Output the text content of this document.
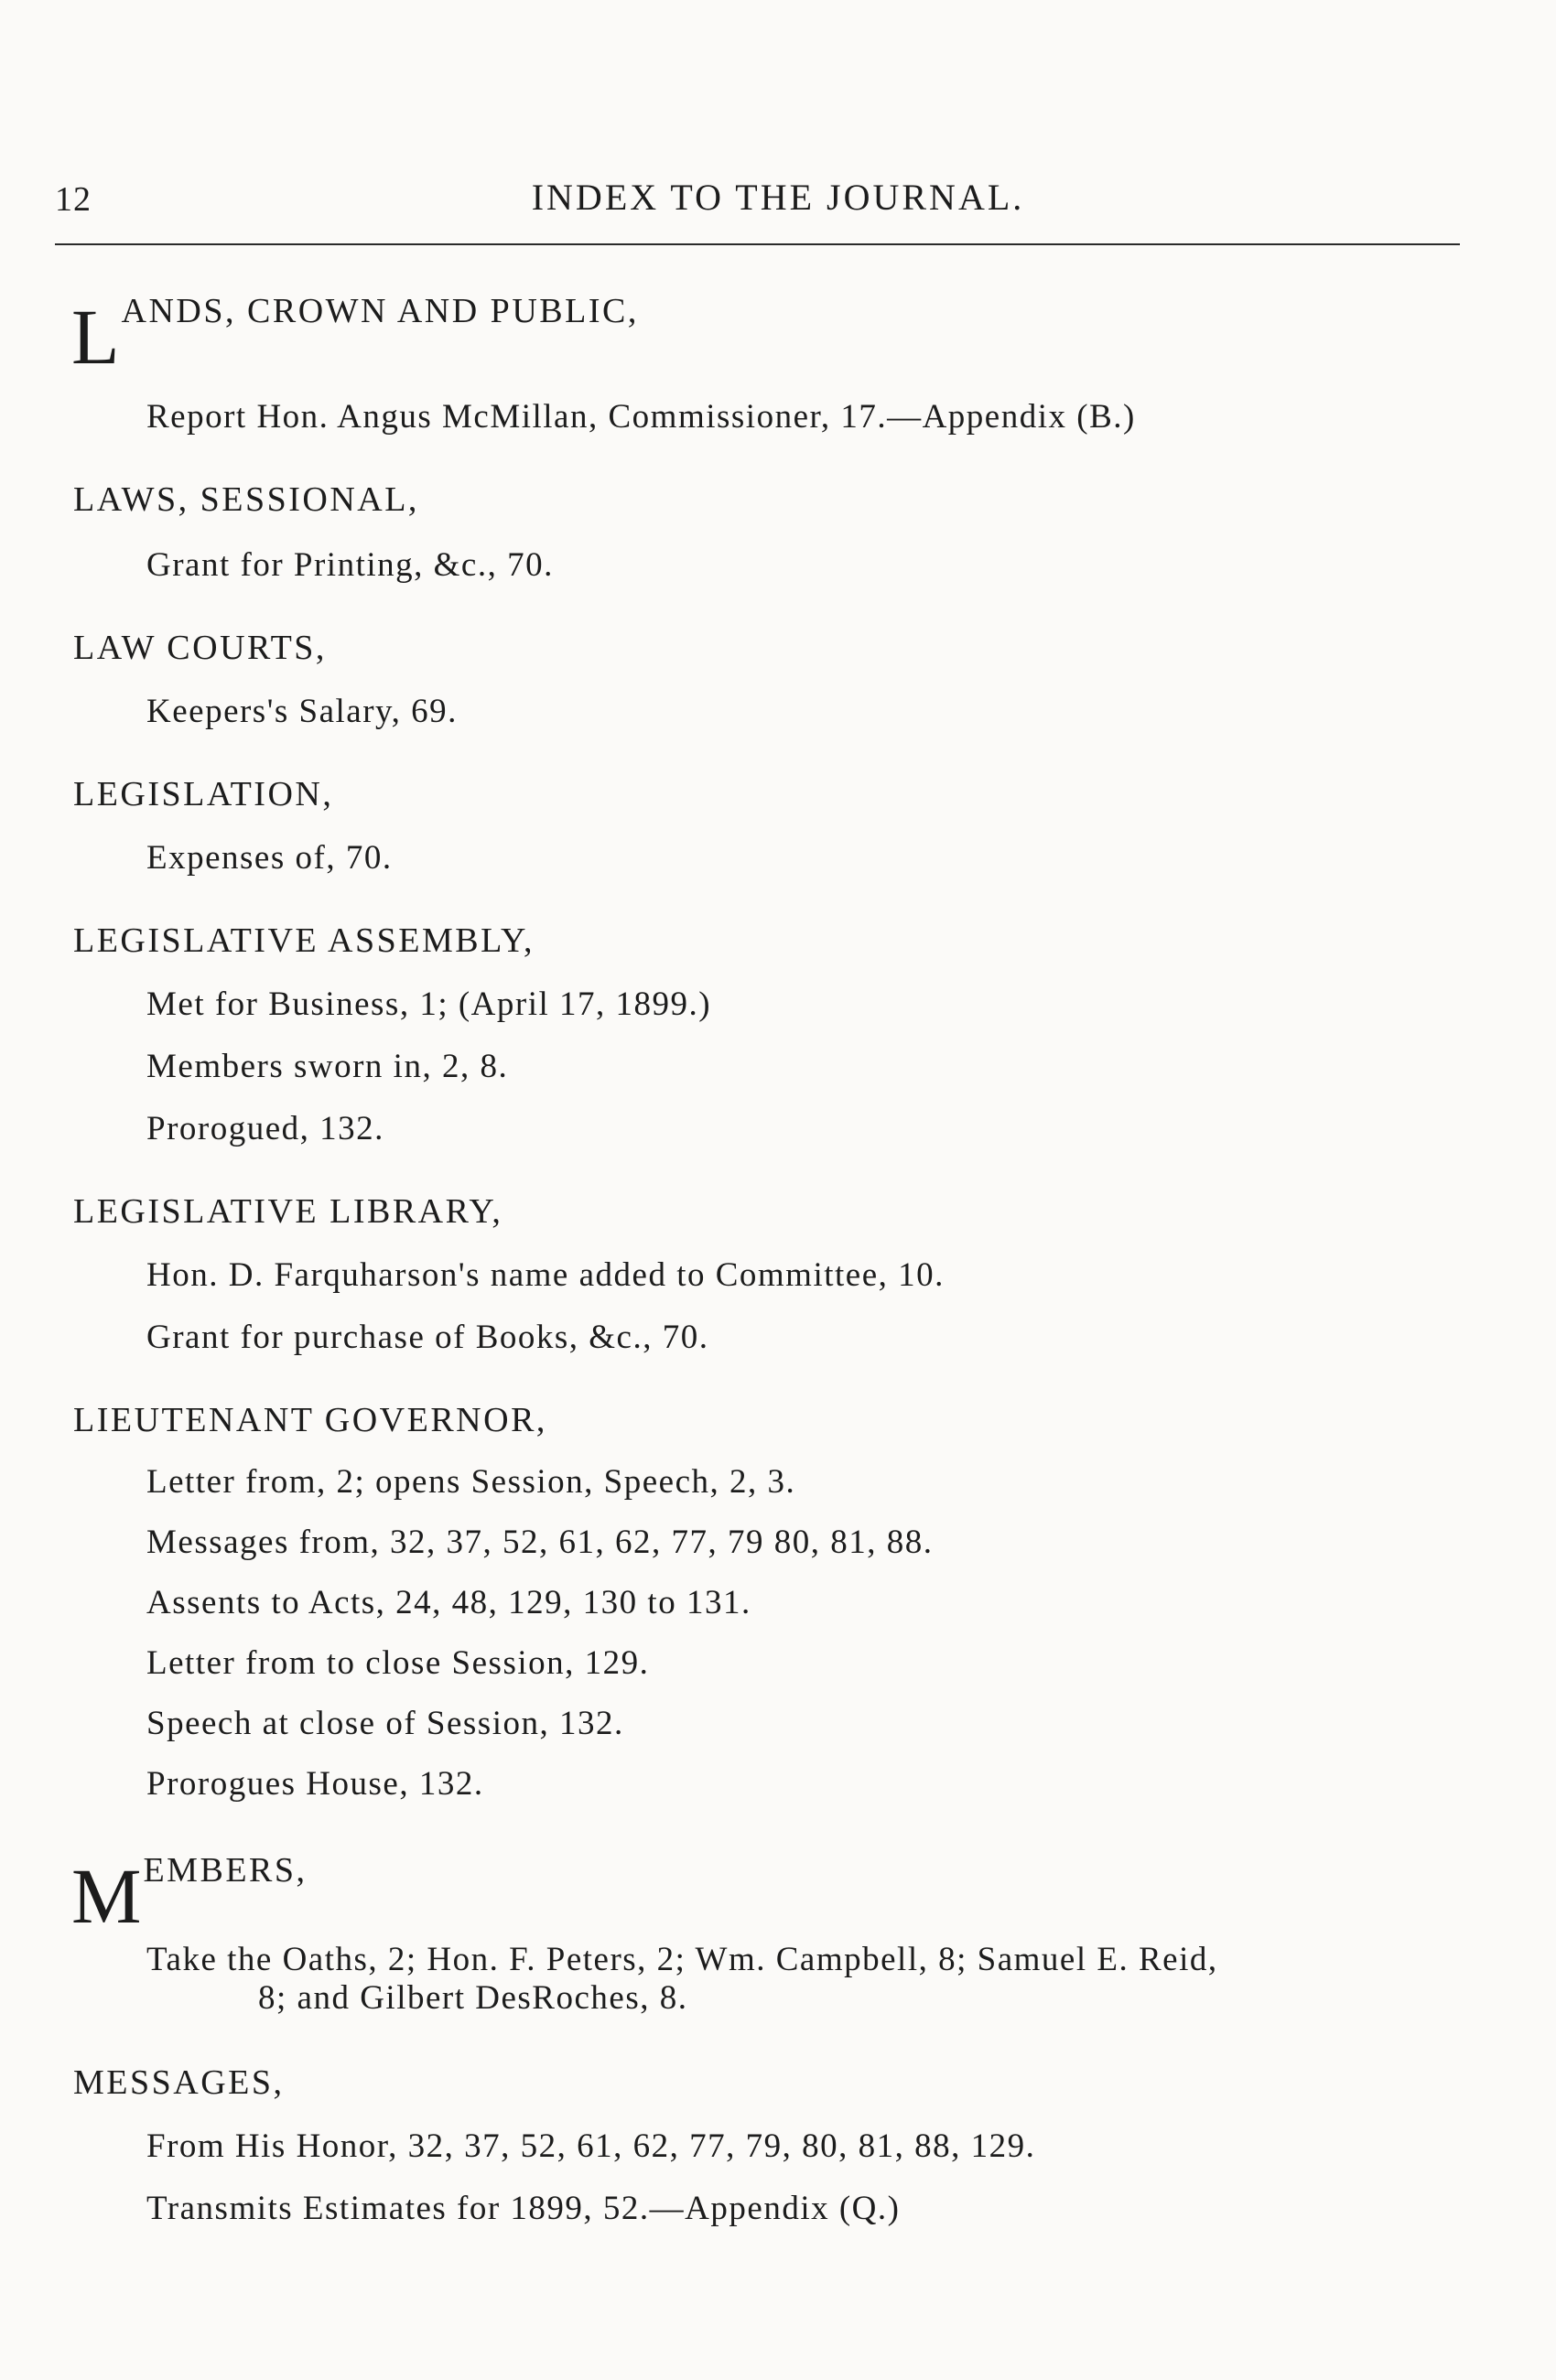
12	INDEX TO THE JOURNAL.
LANDS, CROWN AND PUBLIC,
Report Hon. Angus McMillan, Commissioner, 17.—Appendix (B.)
LAWS, SESSIONAL,
Grant for Printing, &c., 70.
LAW COURTS,
Keepers's Salary, 69.
LEGISLATION,
Expenses of, 70.
LEGISLATIVE ASSEMBLY,
Met for Business, 1; (April 17, 1899.)
Members sworn in, 2, 8.
Prorogued, 132.
LEGISLATIVE LIBRARY,
Hon. D. Farquharson's name added to Committee, 10.
Grant for purchase of Books, &c., 70.
LIEUTENANT GOVERNOR,
Letter from, 2; opens Session, Speech, 2, 3.
Messages from, 32, 37, 52, 61, 62, 77, 79 80, 81, 88.
Assents to Acts, 24, 48, 129, 130 to 131.
Letter from to close Session, 129.
Speech at close of Session, 132.
Prorogues House, 132.
MEMBERS,
Take the Oaths, 2; Hon. F. Peters, 2; Wm. Campbell, 8; Samuel E. Reid,
8; and Gilbert DesRoches, 8.
MESSAGES,
From His Honor, 32, 37, 52, 61, 62, 77, 79, 80, 81, 88, 129.
Transmits Estimates for 1899, 52.—Appendix (Q.)
